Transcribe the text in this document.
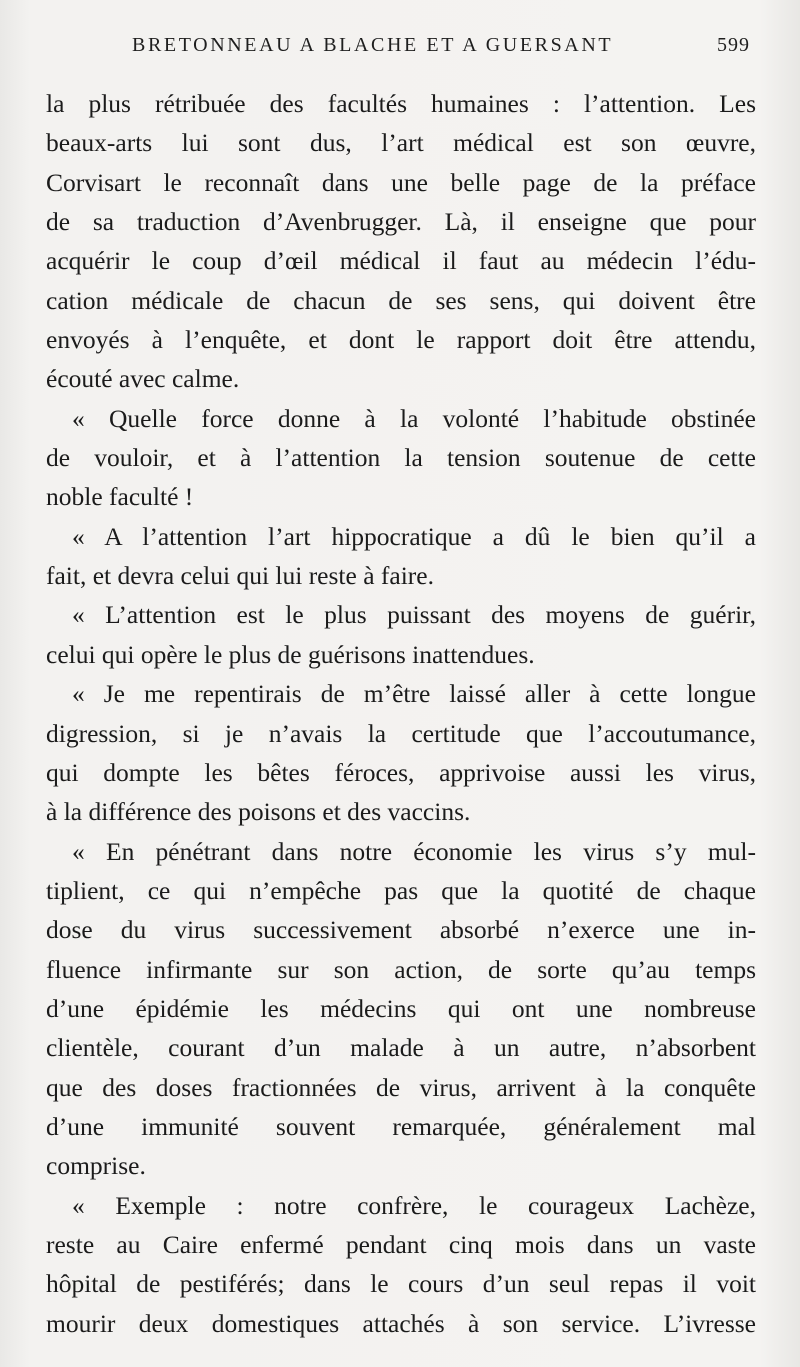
BRETONNEAU A BLACHE ET A GUERSANT	599
la plus rétribuée des facultés humaines : l’attention. Les
beaux-arts lui sont dus, l’art médical est son œuvre,
Corvisart le reconnaît dans une belle page de la préface
de sa traduction d’Avenbrugger. Là, il enseigne que pour
acquérir le coup d’œil médical il faut au médecin l’édu-
cation médicale de chacun de ses sens, qui doivent être
envoyés à l’enquête, et dont le rapport doit être attendu,
écouté avec calme.
« Quelle force donne à la volonté l’habitude obstinée
de vouloir, et à l’attention la tension soutenue de cette
noble faculté !
« A l’attention l’art hippocratique a dû le bien qu’il a
fait, et devra celui qui lui reste à faire.
« L’attention est le plus puissant des moyens de guérir,
celui qui opère le plus de guérisons inattendues.
« Je me repentirais de m’être laissé aller à cette longue
digression, si je n’avais la certitude que l’accoutumance,
qui dompte les bêtes féroces, apprivoise aussi les virus,
à la différence des poisons et des vaccins.
« En pénétrant dans notre économie les virus s’y mul-
tiplient, ce qui n’empêche pas que la quotité de chaque
dose du virus successivement absorbé n’exerce une in-
fluence infirmante sur son action, de sorte qu’au temps
d’une épidémie les médecins qui ont une nombreuse
clientèle, courant d’un malade à un autre, n’absorbent
que des doses fractionnées de virus, arrivent à la conquête
d’une immunité souvent remarquée, généralement mal
comprise.
« Exemple : notre confrère, le courageux Lachèze,
reste au Caire enfermé pendant cinq mois dans un vaste
hôpital de pestiférés; dans le cours d’un seul repas il voit
mourir deux domestiques attachés à son service. L’ivresse
